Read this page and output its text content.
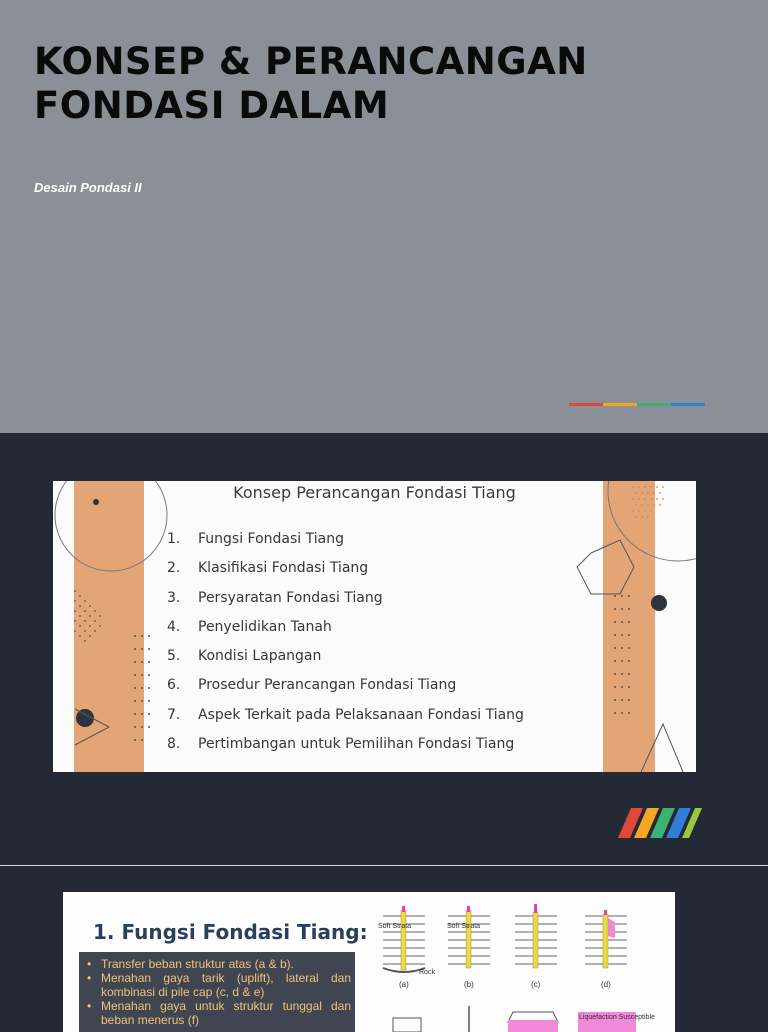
KONSEP & PERANCANGAN
FONDASI DALAM
Desain Pondasi II
Konsep Perancangan Fondasi Tiang
1.	Fungsi Fondasi Tiang
2.	Klasifikasi Fondasi Tiang
3.	Persyaratan Fondasi Tiang
4.	Penyelidikan Tanah
5.	Kondisi Lapangan
6.	Prosedur Perancangan Fondasi Tiang
7.	Aspek Terkait pada Pelaksanaan Fondasi Tiang
8.	Pertimbangan untuk Pemilihan Fondasi Tiang
1. Fungsi Fondasi Tiang:
• Transfer beban struktur atas (a & b).
• Menahan gaya tarik (uplift), lateral dan kombinasi di pile cap (c, d & e)
• Menahan gaya untuk struktur tunggal dan beban menerus (f)
Soft Strata
Rock
(a)
Soft Strata
(b)	(c)	(d)
Liquefaction Susceptible
